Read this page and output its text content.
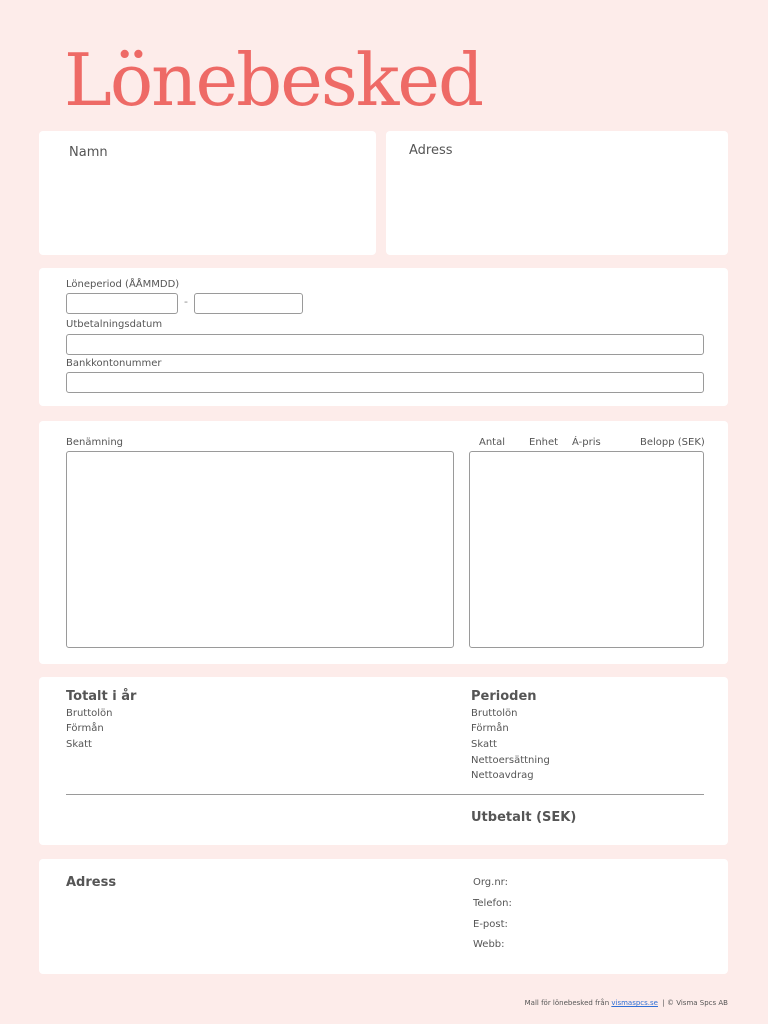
Lönebesked
Namn	Adress
Löneperiod (ÅÅMMDD)
-
Utbetalningsdatum
Bankkontonummer
Benämning	Antal Enhet Á-pris	Belopp (SEK)
Totalt i år
Bruttolön
Förmån
Skatt
Perioden
Bruttolön
Förmån
Skatt
Nettoersättning
Nettoavdrag
Utbetalt (SEK)
Adress	Org.nr:
Telefon:
E-post:
Webb:
Mall för lönebesked från vismaspcs.se  | © Visma Spcs AB
